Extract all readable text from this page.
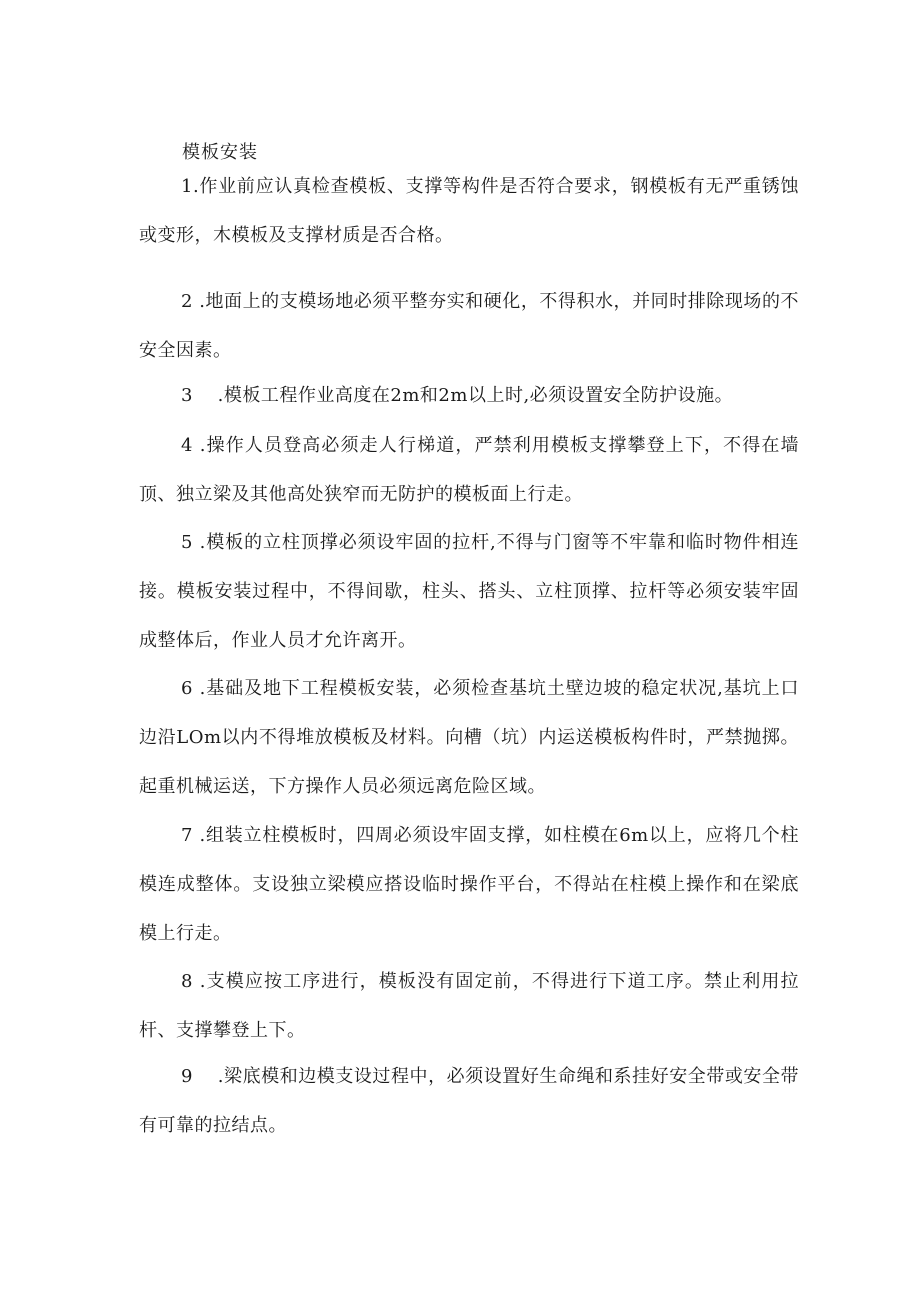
模板安装

1.作业前应认真检查模板、支撑等构件是否符合要求，钢模板有无严重锈蚀或变形，木模板及支撑材质是否合格。

2 .地面上的支模场地必须平整夯实和硬化，不得积水，并同时排除现场的不安全因素。

3 　.模板工程作业高度在2m和2m以上时,必须设置安全防护设施。

4 .操作人员登高必须走人行梯道，严禁利用模板支撑攀登上下，不得在墙顶、独立梁及其他高处狭窄而无防护的模板面上行走。

5 .模板的立柱顶撑必须设牢固的拉杆,不得与门窗等不牢靠和临时物件相连接。模板安装过程中，不得间歇，柱头、搭头、立柱顶撑、拉杆等必须安装牢固成整体后，作业人员才允许离开。

6 .基础及地下工程模板安装，必须检查基坑土壁边坡的稳定状况,基坑上口边沿LOm以内不得堆放模板及材料。向槽（坑）内运送模板构件时，严禁抛掷。起重机械运送，下方操作人员必须远离危险区域。

7 .组装立柱模板时，四周必须设牢固支撑，如柱模在6m以上，应将几个柱模连成整体。支设独立梁模应搭设临时操作平台，不得站在柱模上操作和在梁底模上行走。

8 .支模应按工序进行，模板没有固定前，不得进行下道工序。禁止利用拉杆、支撑攀登上下。

9 　.梁底模和边模支设过程中，必须设置好生命绳和系挂好安全带或安全带有可靠的拉结点。
